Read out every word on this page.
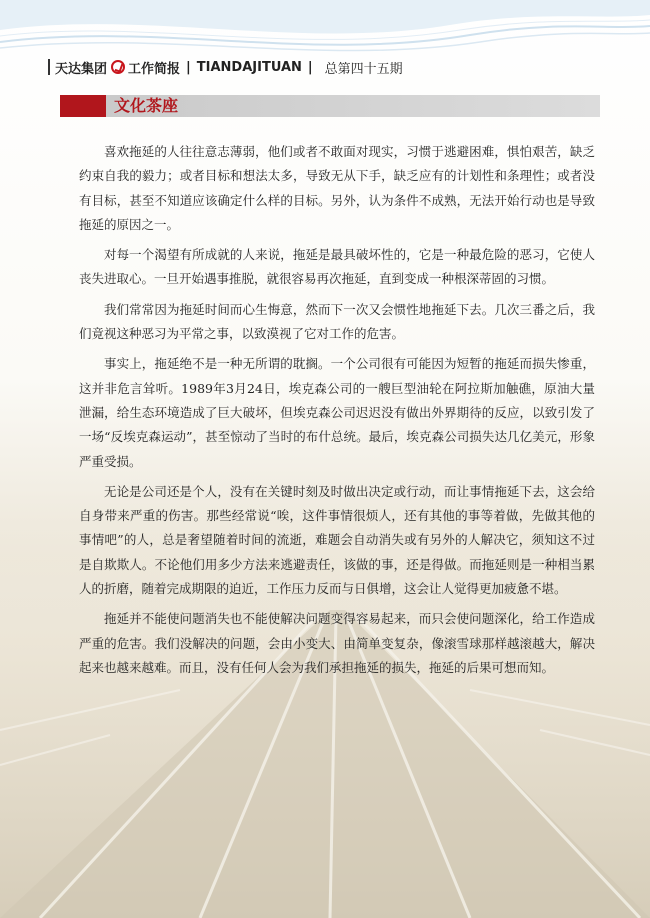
天达集团 工作简报 | TIANDAJITUAN | 总第四十五期
文化茶座

喜欢拖延的人往往意志薄弱，他们或者不敢面对现实，习惯于逃避困难，惧怕艰苦，缺乏约束自我的毅力；或者目标和想法太多，导致无从下手，缺乏应有的计划性和条理性；或者没有目标，甚至不知道应该确定什么样的目标。另外，认为条件不成熟，无法开始行动也是导致拖延的原因之一。

对每一个渴望有所成就的人来说，拖延是最具破坏性的，它是一种最危险的恶习，它使人丧失进取心。一旦开始遇事推脱，就很容易再次拖延，直到变成一种根深蒂固的习惯。

我们常常因为拖延时间而心生悔意，然而下一次又会惯性地拖延下去。几次三番之后，我们竟视这种恶习为平常之事，以致漠视了它对工作的危害。

事实上，拖延绝不是一种无所谓的耽搁。一个公司很有可能因为短暂的拖延而损失惨重，这并非危言耸听。1989年3月24日，埃克森公司的一艘巨型油轮在阿拉斯加触礁，原油大量泄漏，给生态环境造成了巨大破坏，但埃克森公司迟迟没有做出外界期待的反应，以致引发了一场“反埃克森运动”，甚至惊动了当时的布什总统。最后，埃克森公司损失达几亿美元，形象严重受损。

无论是公司还是个人，没有在关键时刻及时做出决定或行动，而让事情拖延下去，这会给自身带来严重的伤害。那些经常说“唉，这件事情很烦人，还有其他的事等着做，先做其他的事情吧”的人，总是奢望随着时间的流逝，难题会自动消失或有另外的人解决它，须知这不过是自欺欺人。不论他们用多少方法来逃避责任，该做的事，还是得做。而拖延则是一种相当累人的折磨，随着完成期限的迫近，工作压力反而与日俱增，这会让人觉得更加疲惫不堪。

拖延并不能使问题消失也不能使解决问题变得容易起来，而只会使问题深化，给工作造成严重的危害。我们没解决的问题，会由小变大、由简单变复杂，像滚雪球那样越滚越大，解决起来也越来越难。而且，没有任何人会为我们承担拖延的损失，拖延的后果可想而知。
